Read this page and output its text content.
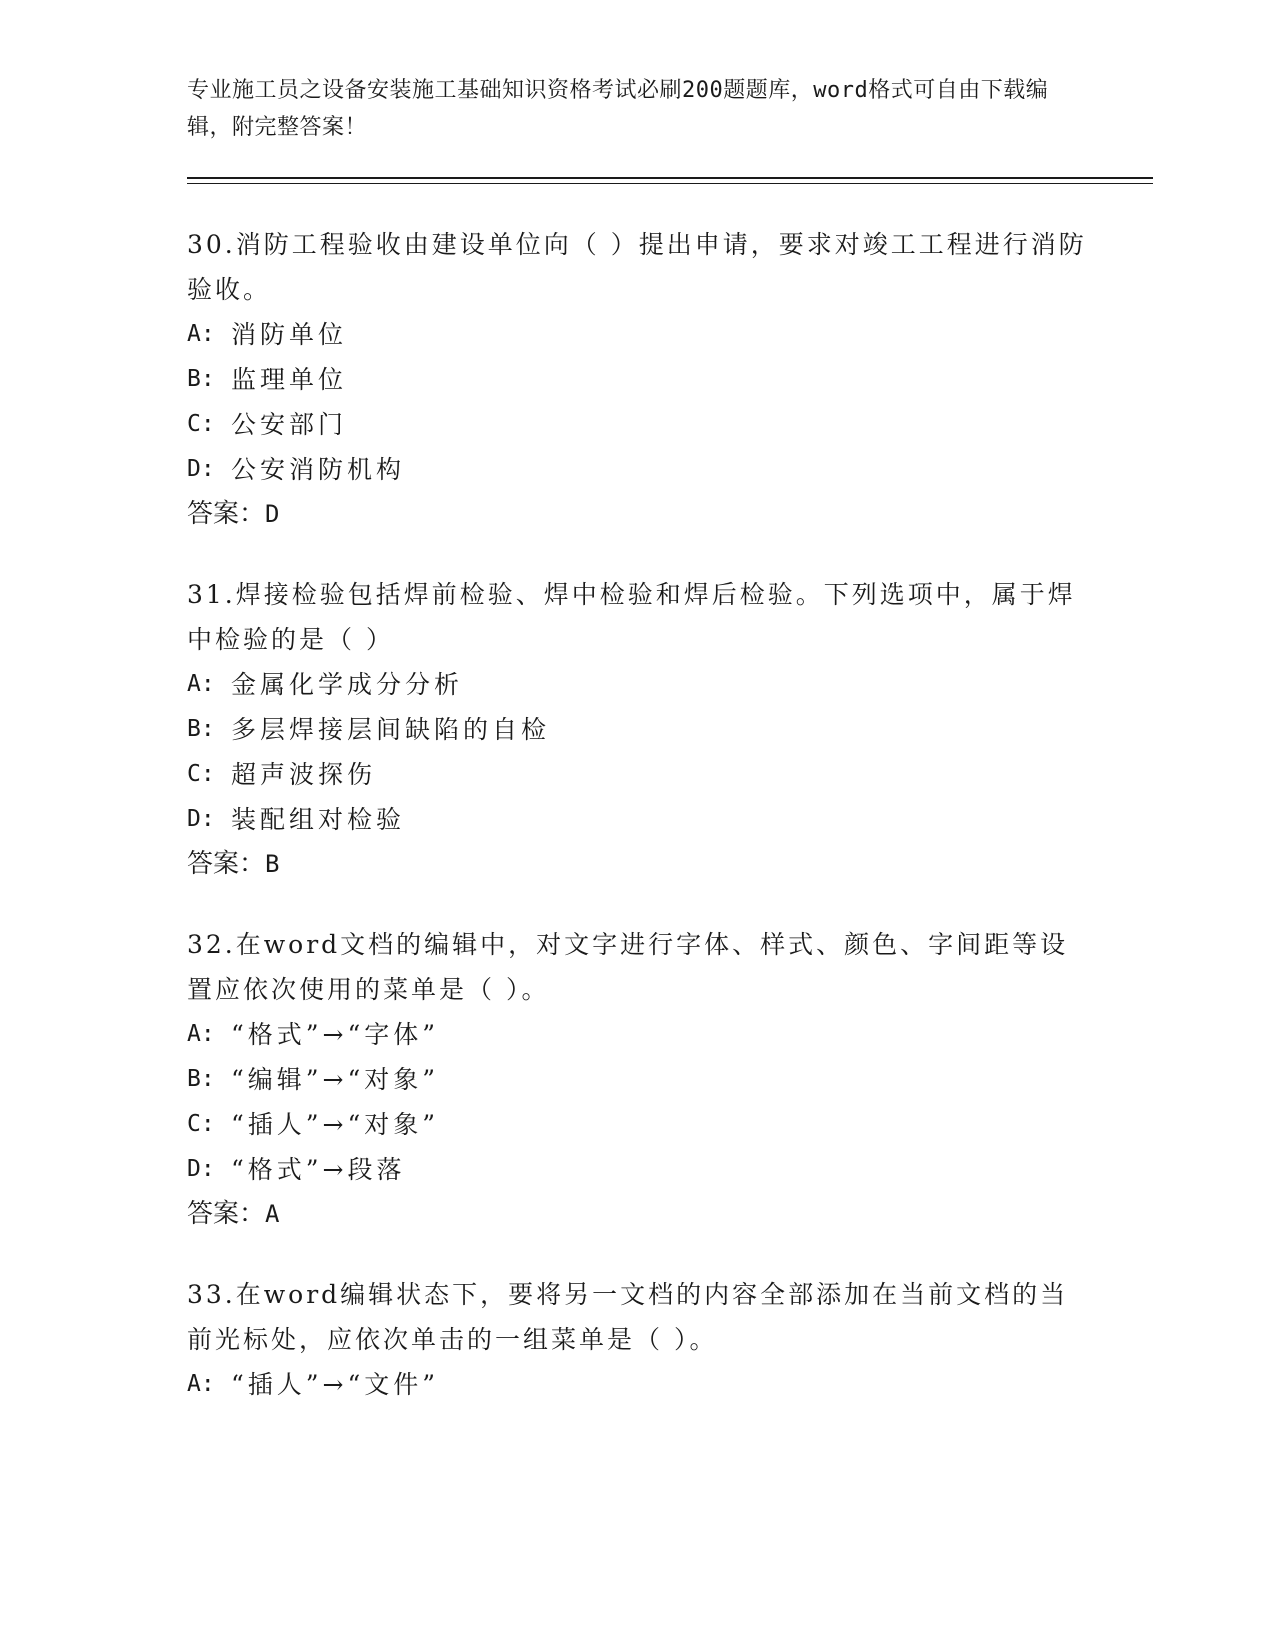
专业施工员之设备安装施工基础知识资格考试必刷200题题库，word格式可自由下载编辑，附完整答案！
30.消防工程验收由建设单位向（ ）提出申请，要求对竣工工程进行消防验收。
A: 消防单位
B: 监理单位
C: 公安部门
D: 公安消防机构
答案： D
31.焊接检验包括焊前检验、焊中检验和焊后检验。下列选项中，属于焊中检验的是（ ）
A: 金属化学成分分析
B: 多层焊接层间缺陷的自检
C: 超声波探伤
D: 装配组对检验
答案： B
32.在word文档的编辑中，对文字进行字体、样式、颜色、字间距等设置应依次使用的菜单是（ ）。
A: “格式”→“字体”
B: “编辑”→“对象”
C: “插人”→“对象”
D: “格式”→段落
答案： A
33.在word编辑状态下，要将另一文档的内容全部添加在当前文档的当前光标处，应依次单击的一组菜单是（ ）。
A: “插人”→“文件”
